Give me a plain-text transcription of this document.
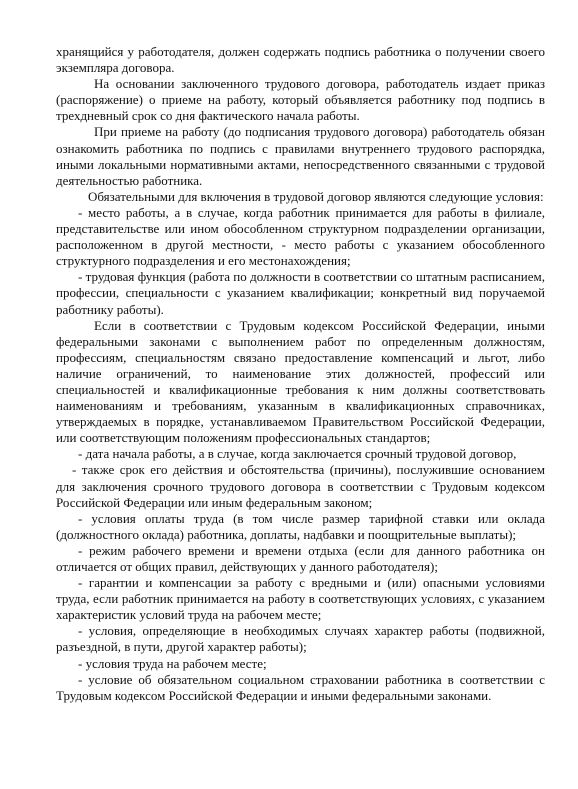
хранящийся у работодателя, должен содержать подпись работника о получении своего экземпляра договора.

На основании заключенного трудового договора, работодатель издает приказ (распоряжение) о приеме на работу, который объявляется работнику под подпись в трехдневный срок со дня фактического начала работы.

При приеме на работу (до подписания трудового договора) работодатель обязан ознакомить работника по подпись с правилами внутреннего трудового распорядка, иными локальными нормативными актами, непосредственного связанными с трудовой деятельностью работника.

Обязательными для включения в трудовой договор являются следующие условия:

- место работы, а в случае, когда работник принимается для работы в филиале, представительстве или ином обособленном структурном подразделении организации, расположенном в другой местности, - место работы с указанием обособленного структурного подразделения и его местонахождения;

- трудовая функция (работа по должности в соответствии со штатным расписанием, профессии, специальности с указанием квалификации; конкретный вид поручаемой работнику работы).

Если в соответствии с Трудовым кодексом Российской Федерации, иными федеральными законами с выполнением работ по определенным должностям, профессиям, специальностям связано предоставление компенсаций и льгот, либо наличие ограничений, то наименование этих должностей, профессий или специальностей и квалификационные требования к ним должны соответствовать наименованиям и требованиям, указанным в квалификационных справочниках, утверждаемых в порядке, устанавливаемом Правительством Российской Федерации, или соответствующим положениям профессиональных стандартов;

- дата начала работы, а в случае, когда заключается срочный трудовой договор,

- также срок его действия и обстоятельства (причины), послужившие основанием для заключения срочного трудового договора в соответствии с Трудовым кодексом Российской Федерации или иным федеральным законом;

- условия оплаты труда (в том числе размер тарифной ставки или оклада (должностного оклада) работника, доплаты, надбавки и поощрительные выплаты);

- режим рабочего времени и времени отдыха (если для данного работника он отличается от общих правил, действующих у данного работодателя);

- гарантии и компенсации за работу с вредными и (или) опасными условиями труда, если работник принимается на работу в соответствующих условиях, с указанием характеристик условий труда на рабочем месте;

- условия, определяющие в необходимых случаях характер работы (подвижной, разъездной, в пути, другой характер работы);

- условия труда на рабочем месте;

- условие об обязательном социальном страховании работника в соответствии с Трудовым кодексом Российской Федерации и иными федеральными законами.
